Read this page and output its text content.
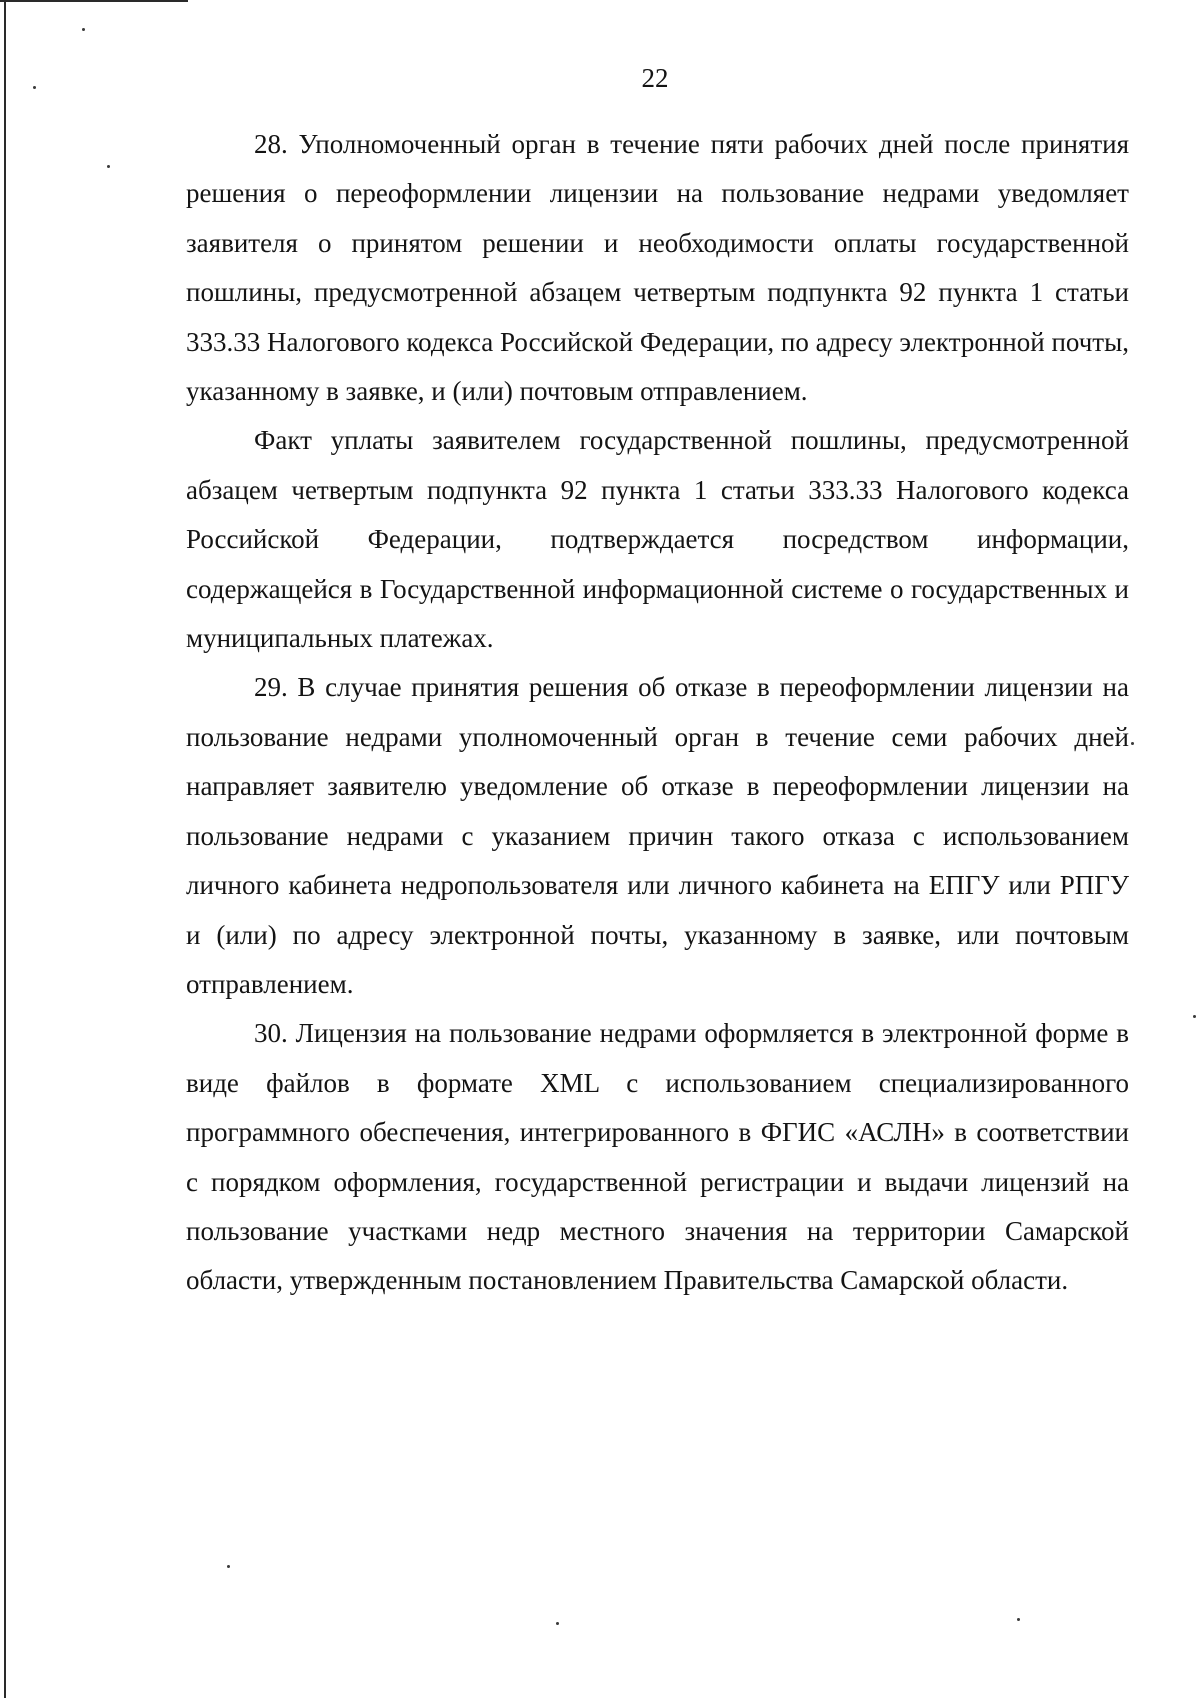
22

28. Уполномоченный орган в течение пяти рабочих дней после принятия решения о переоформлении лицензии на пользование недрами уведомляет заявителя о принятом решении и необходимости оплаты государственной пошлины, предусмотренной абзацем четвертым подпункта 92 пункта 1 статьи 333.33 Налогового кодекса Российской Федерации, по адресу электронной почты, указанному в заявке, и (или) почтовым отправлением.

Факт уплаты заявителем государственной пошлины, предусмотренной абзацем четвертым подпункта 92 пункта 1 статьи 333.33 Налогового кодекса Российской Федерации, подтверждается посредством информации, содержащейся в Государственной информационной системе о государственных и муниципальных платежах.

29. В случае принятия решения об отказе в переоформлении лицензии на пользование недрами уполномоченный орган в течение семи рабочих дней направляет заявителю уведомление об отказе в переоформлении лицензии на пользование недрами с указанием причин такого отказа с использованием личного кабинета недропользователя или личного кабинета на ЕПГУ или РПГУ и (или) по адресу электронной почты, указанному в заявке, или почтовым отправлением.

30. Лицензия на пользование недрами оформляется в электронной форме в виде файлов в формате XML с использованием специализированного программного обеспечения, интегрированного в ФГИС «АСЛН» в соответствии с порядком оформления, государственной регистрации и выдачи лицензий на пользование участками недр местного значения на территории Самарской области, утвержденным постановлением Правительства Самарской области.
